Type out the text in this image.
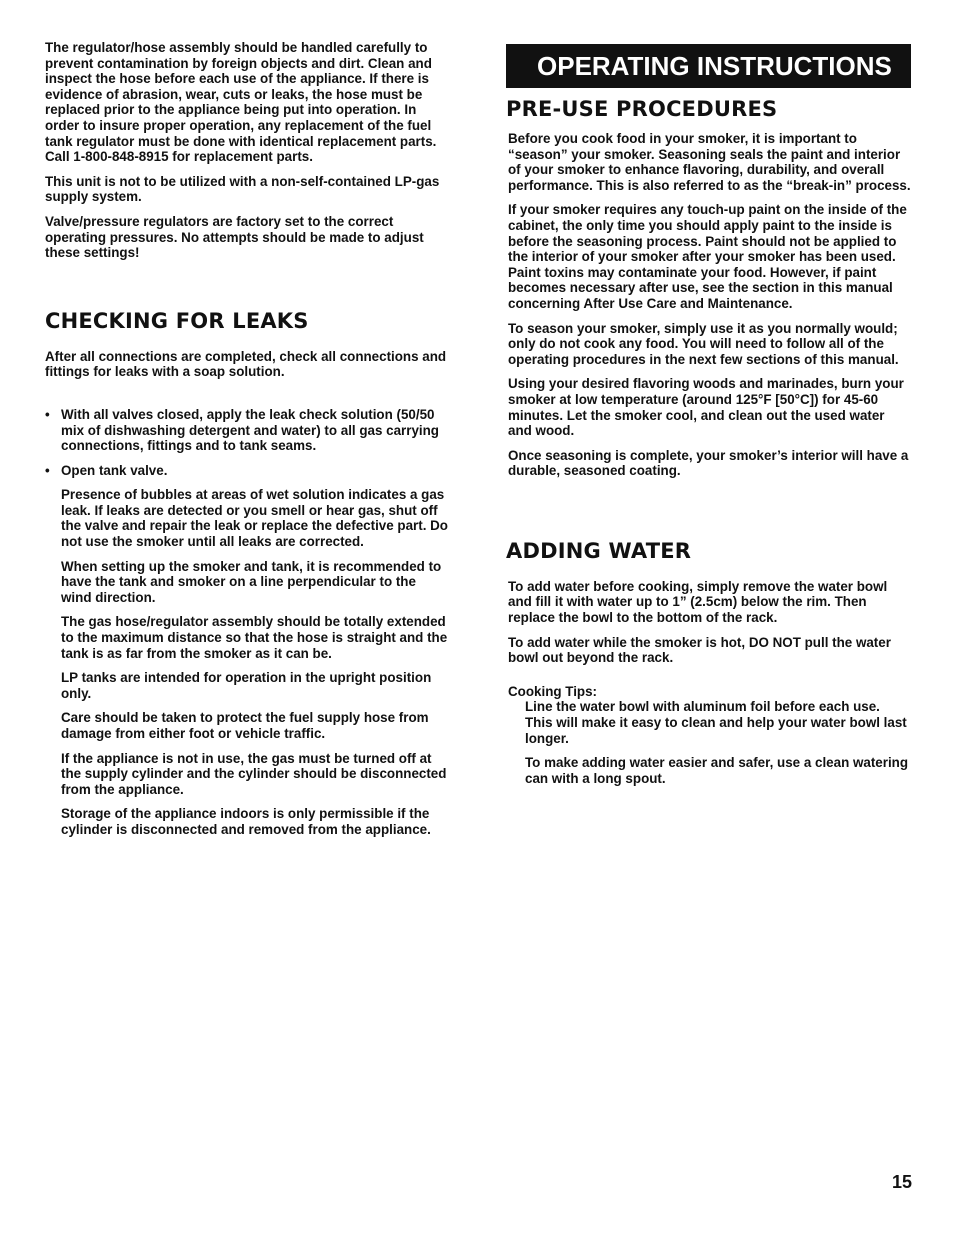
The regulator/hose assembly should be handled carefully to prevent contamination by foreign objects and dirt. Clean and inspect the hose before each use of the appliance. If there is evidence of abrasion, wear, cuts or leaks, the hose must be replaced prior to the appliance being put into operation. In order to insure proper operation, any replacement of the fuel tank regulator must be done with identical replacement parts. Call 1-800-848-8915 for replacement parts.

This unit is not to be utilized with a non-self-contained LP-gas supply system.

Valve/pressure regulators are factory set to the correct operating pressures. No attempts should be made to adjust these settings!

CHECKING FOR LEAKS

After all connections are completed, check all connections and fittings for leaks with a soap solution.

• With all valves closed, apply the leak check solution (50/50 mix of dishwashing detergent and water) to all gas carrying connections, fittings and to tank seams.

• Open tank valve.

Presence of bubbles at areas of wet solution indicates a gas leak. If leaks are detected or you smell or hear gas, shut off the valve and repair the leak or replace the defective part. Do not use the smoker until all leaks are corrected.

When setting up the smoker and tank, it is recommended to have the tank and smoker on a line perpendicular to the wind direction.

The gas hose/regulator assembly should be totally extended to the maximum distance so that the hose is straight and the tank is as far from the smoker as it can be.

LP tanks are intended for operation in the upright position only.

Care should be taken to protect the fuel supply hose from damage from either foot or vehicle traffic.

If the appliance is not in use, the gas must be turned off at the supply cylinder and the cylinder should be disconnected from the appliance.

Storage of the appliance indoors is only permissible if the cylinder is disconnected and removed from the appliance.

OPERATING INSTRUCTIONS
PRE-USE PROCEDURES

Before you cook food in your smoker, it is important to “season” your smoker. Seasoning seals the paint and interior of your smoker to enhance flavoring, durability, and overall performance. This is also referred to as the “break-in” process.

If your smoker requires any touch-up paint on the inside of the cabinet, the only time you should apply paint to the inside is before the seasoning process. Paint should not be applied to the interior of your smoker after your smoker has been used. Paint toxins may contaminate your food. However, if paint becomes necessary after use, see the section in this manual concerning After Use Care and Maintenance.

To season your smoker, simply use it as you normally would; only do not cook any food. You will need to follow all of the operating procedures in the next few sections of this manual.

Using your desired flavoring woods and marinades, burn your smoker at low temperature (around 125°F [50°C]) for 45-60 minutes. Let the smoker cool, and clean out the used water and wood.

Once seasoning is complete, your smoker’s interior will have a durable, seasoned coating.

ADDING WATER

To add water before cooking, simply remove the water bowl and fill it with water up to 1” (2.5cm) below the rim. Then replace the bowl to the bottom of the rack.

To add water while the smoker is hot, DO NOT pull the water bowl out beyond the rack.

Cooking Tips:

Line the water bowl with aluminum foil before each use. This will make it easy to clean and help your water bowl last longer.

To make adding water easier and safer, use a clean watering can with a long spout.

15
